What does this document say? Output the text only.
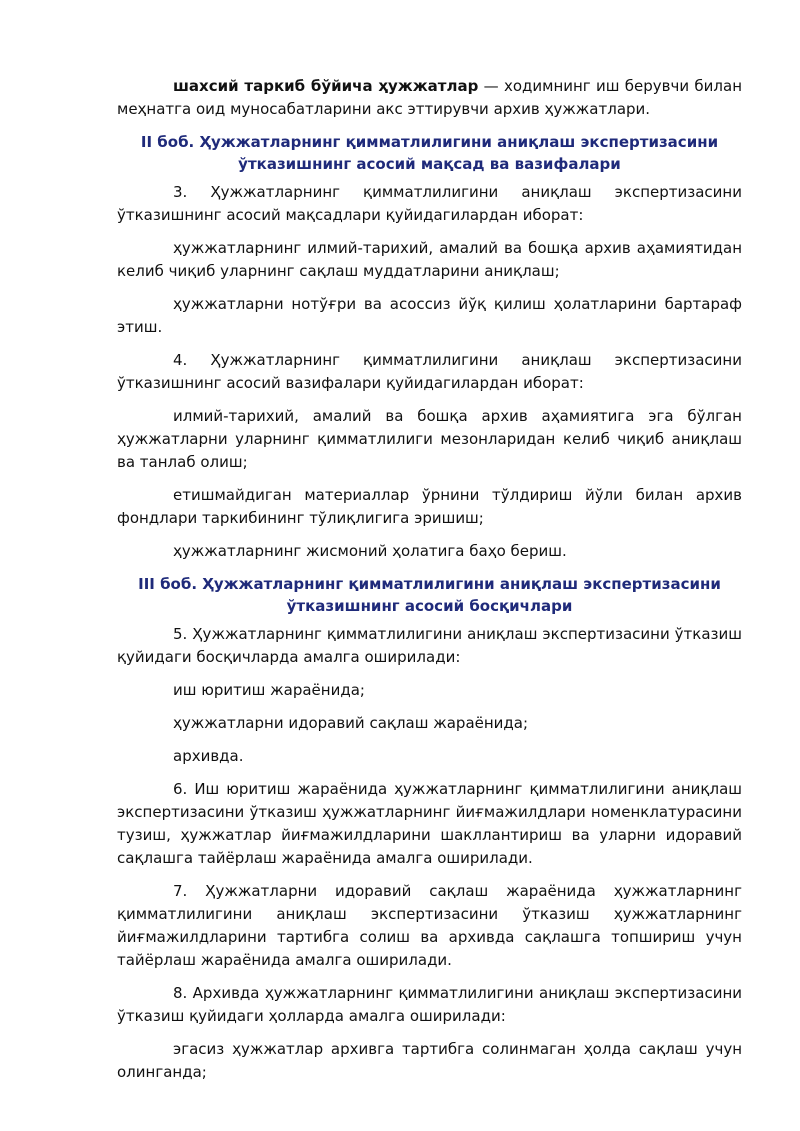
шахсий таркиб бўйича ҳужжатлар — ходимнинг иш берувчи билан меҳнатга оид муносабатларини акс эттирувчи архив ҳужжатлари.

II боб. Ҳужжатларнинг қимматлилигини аниқлаш экспертизасини
ўтказишнинг асосий мақсад ва вазифалари

3. Ҳужжатларнинг қимматлилигини аниқлаш экспертизасини ўтказишнинг асосий мақсадлари қуйидагилардан иборат:

ҳужжатларнинг илмий-тарихий, амалий ва бошқа архив аҳамиятидан келиб чиқиб уларнинг сақлаш муддатларини аниқлаш;

ҳужжатларни нотўғри ва асоссиз йўқ қилиш ҳолатларини бартараф этиш.

4. Ҳужжатларнинг қимматлилигини аниқлаш экспертизасини ўтказишнинг асосий вазифалари қуйидагилардан иборат:

илмий-тарихий, амалий ва бошқа архив аҳамиятига эга бўлган ҳужжатларни уларнинг қимматлилиги мезонларидан келиб чиқиб аниқлаш ва танлаб олиш;

етишмайдиган материаллар ўрнини тўлдириш йўли билан архив фондлари таркибининг тўлиқлигига эришиш;

ҳужжатларнинг жисмоний ҳолатига баҳо бериш.

III боб. Ҳужжатларнинг қимматлилигини аниқлаш экспертизасини
ўтказишнинг асосий босқичлари

5. Ҳужжатларнинг қимматлилигини аниқлаш экспертизасини ўтказиш қуйидаги босқичларда амалга оширилади:

иш юритиш жараёнида;

ҳужжатларни идоравий сақлаш жараёнида;

архивда.

6. Иш юритиш жараёнида ҳужжатларнинг қимматлилигини аниқлаш экспертизасини ўтказиш ҳужжатларнинг йиғмажилдлари номенклатурасини тузиш, ҳужжатлар йиғмажилдларини шакллантириш ва уларни идоравий сақлашга тайёрлаш жараёнида амалга оширилади.

7. Ҳужжатларни идоравий сақлаш жараёнида ҳужжатларнинг қимматлилигини аниқлаш экспертизасини ўтказиш ҳужжатларнинг йиғмажилдларини тартибга солиш ва архивда сақлашга топшириш учун тайёрлаш жараёнида амалга оширилади.

8. Архивда ҳужжатларнинг қимматлилигини аниқлаш экспертизасини ўтказиш қуйидаги ҳолларда амалга оширилади:

эгасиз ҳужжатлар архивга тартибга солинмаган ҳолда сақлаш учун олинганда;
